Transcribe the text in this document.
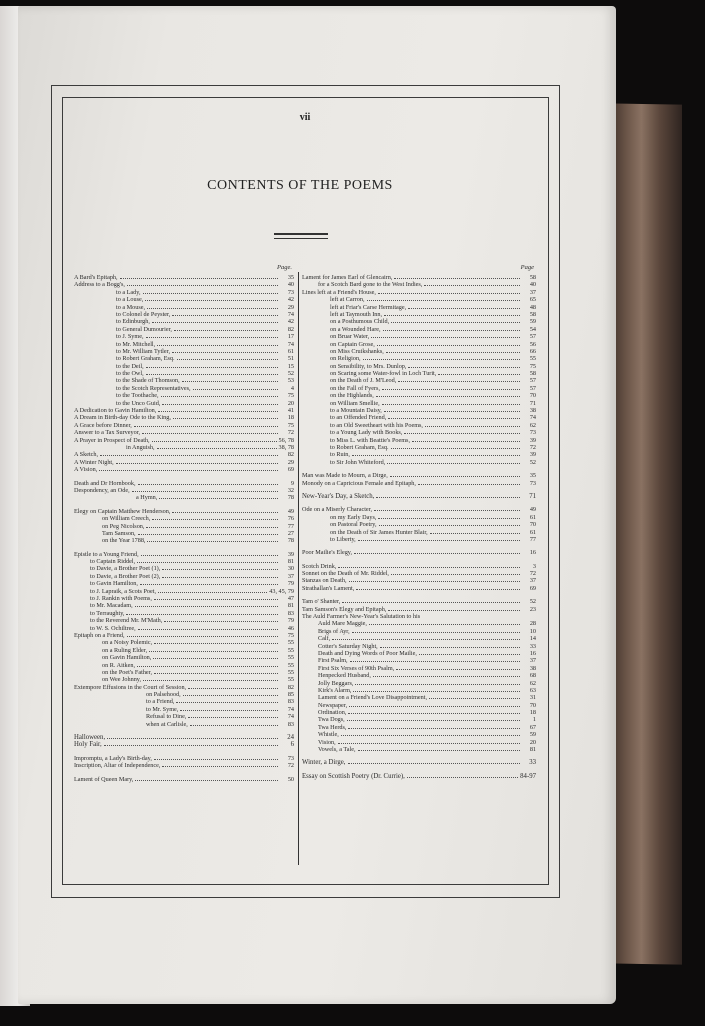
vii
CONTENTS OF THE POEMS
Page.
A Bard's Epitaph,	35
Address to a Bogg's,	40
to a Lady,	73
to a Louse,	42
to a Mouse,	29
to Colonel de Peyster,	74
to Edinburgh,	42
to General Dumourier,	82
to J. Syme,	17
to Mr. Mitchell,	74
to Mr. William Tytler,	61
to Robert Graham, Esq.	51
to the Deil,	15
to the Owl,	52
to the Shade of Thomson,	53
to the Scotch Representatives,	4
to the Toothache,	75
to the Unco Guid,	20
A Dedication to Gavin Hamilton,	41
A Dream in Birth-day Ode to the King,	18
A Grace before Dinner,	75
Answer to a Tax Surveyor,	72
A Prayer in Prospect of Death,	56, 78
in Anguish,	38, 78
A Sketch,	82
A Winter Night,	29
A Vision,	69
Death and Dr Hornbook,	9
Despondency, an Ode,	32
a Hymn,	78
Elegy on Captain Matthew Henderson,	49
on William Creech,	76
on Peg Nicolson,	77
Tam Samson,	27
on the Year 1788,	78
Epistle to a Young Friend,	39
to Captain Riddel,	81
to Davie, a Brother Poet (1),	30
to Davie, a Brother Poet (2),	37
to Gavin Hamilton,	79
to J. Lapraik, a Scots Poet,	43, 45, 79
to J. Rankin with Poems,	47
to Mr. Macadam,	81
to Terraughty,	83
to the Reverend Mr. M'Math,	79
to W. S. Ochiltree,	46
Epitaph on a Friend,	75
on a Noisy Polemic,	55
on a Ruling Elder,	55
on Gavin Hamilton,	55
on R. Aitken,	55
on the Poet's Father,	55
on Wee Johnny,	55
Extempore Effusions in the Court of Session,	82
on Palsehood,	85
to a Friend,	83
to Mr. Syme,	74
Refusal to Dine,	74
when at Carlisle,	83
Halloween,	24
Holy Fair,	6
Impromptu, a Lady's Birth-day,	73
Inscription, Altar of Independence,	72
Lament of Queen Mary,	50
Page
Lament for James Earl of Glencairn,	58
for a Scotch Bard gone to the West Indies,	40
Lines left at a Friend's House,	37
left at Carron,	65
left at Friar's Carse Hermitage,	48
left at Taymouth Inn,	58
on a Posthumous Child,	59
on a Wounded Hare,	54
on Bruar Water,	57
on Captain Grose,	56
on Miss Cruikshanks,	66
on Religion,	55
on Sensibility, to Mrs. Dunlop,	75
on Scaring some Water-fowl in Loch Turit,	58
on the Death of J. M'Leod,	57
on the Fall of Fyers,	57
on the Highlands,	70
on William Smellie,	71
to a Mountain Daisy,	38
to an Offended Friend,	74
to an Old Sweetheart with his Poems,	62
to a Young Lady with Books,	73
to Miss L. with Beattie's Poems,	39
to Robert Graham, Esq.	72
to Ruin,	39
to Sir John Whiteford,	52
Man was Made to Mourn, a Dirge,	35
Monody on a Capricious Female and Epitaph,	73
New-Year's Day, a Sketch,	71
Ode on a Miserly Character,	49
on my Early Days,	61
on Pastoral Poetry,	70
on the Death of Sir James Hunter Blair,	61
to Liberty,	77
Poor Mailie's Elegy,	16
Scotch Drink,	3
Sonnet on the Death of Mr. Riddel,	72
Stanzas on Death,	37
Strathallan's Lament,	69
Tam o' Shanter,	52
Tam Samson's Elegy and Epitaph,	23
The Auld Farmer's New-Year's Salutation to his
Auld Mare Maggie,	28
Brigs of Ayr,	10
Calf,	14
Cotter's Saturday Night,	33
Death and Dying Words of Poor Mailie,	16
First Psalm,	37
First Six Verses of 90th Psalm,	38
Henpecked Husband,	68
Jolly Beggars,	62
Kirk's Alarm,	63
Lament on a Friend's Love Disappointment,	31
Newspaper,	70
Ordination,	18
Twa Dogs,	1
Twa Herds,	67
Whistle,	59
Vision,	20
Vowels, a Tale,	81
Winter, a Dirge,	33
Essay on Scottish Poetry (Dr. Currie),	84-97
